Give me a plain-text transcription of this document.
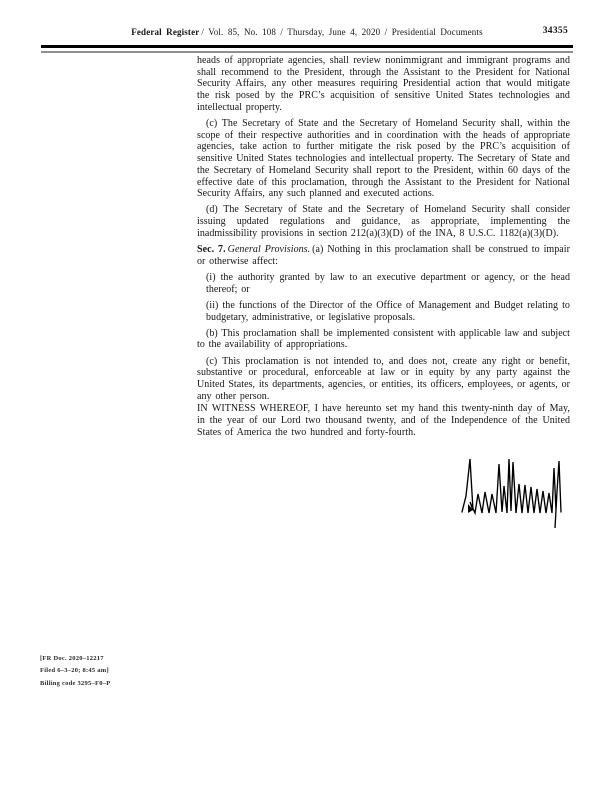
Federal Register / Vol. 85, No. 108 / Thursday, June 4, 2020 / Presidential Documents	34355

heads of appropriate agencies, shall review nonimmigrant and immigrant programs and shall recommend to the President, through the Assistant to the President for National Security Affairs, any other measures requiring Presidential action that would mitigate the risk posed by the PRC’s acquisition of sensitive United States technologies and intellectual property.

(c) The Secretary of State and the Secretary of Homeland Security shall, within the scope of their respective authorities and in coordination with the heads of appropriate agencies, take action to further mitigate the risk posed by the PRC’s acquisition of sensitive United States technologies and intellectual property. The Secretary of State and the Secretary of Homeland Security shall report to the President, within 60 days of the effective date of this proclamation, through the Assistant to the President for National Security Affairs, any such planned and executed actions.

(d) The Secretary of State and the Secretary of Homeland Security shall consider issuing updated regulations and guidance, as appropriate, implementing the inadmissibility provisions in section 212(a)(3)(D) of the INA, 8 U.S.C. 1182(a)(3)(D).

Sec. 7. General Provisions. (a) Nothing in this proclamation shall be construed to impair or otherwise affect:

(i) the authority granted by law to an executive department or agency, or the head thereof; or

(ii) the functions of the Director of the Office of Management and Budget relating to budgetary, administrative, or legislative proposals.

(b) This proclamation shall be implemented consistent with applicable law and subject to the availability of appropriations.

(c) This proclamation is not intended to, and does not, create any right or benefit, substantive or procedural, enforceable at law or in equity by any party against the United States, its departments, agencies, or entities, its officers, employees, or agents, or any other person.

IN WITNESS WHEREOF, I have hereunto set my hand this twenty-ninth day of May, in the year of our Lord two thousand twenty, and of the Independence of the United States of America the two hundred and forty-fourth.

[FR Doc. 2020–12217
Filed 6–3–20; 8:45 am]
Billing code 3295–F0–P
